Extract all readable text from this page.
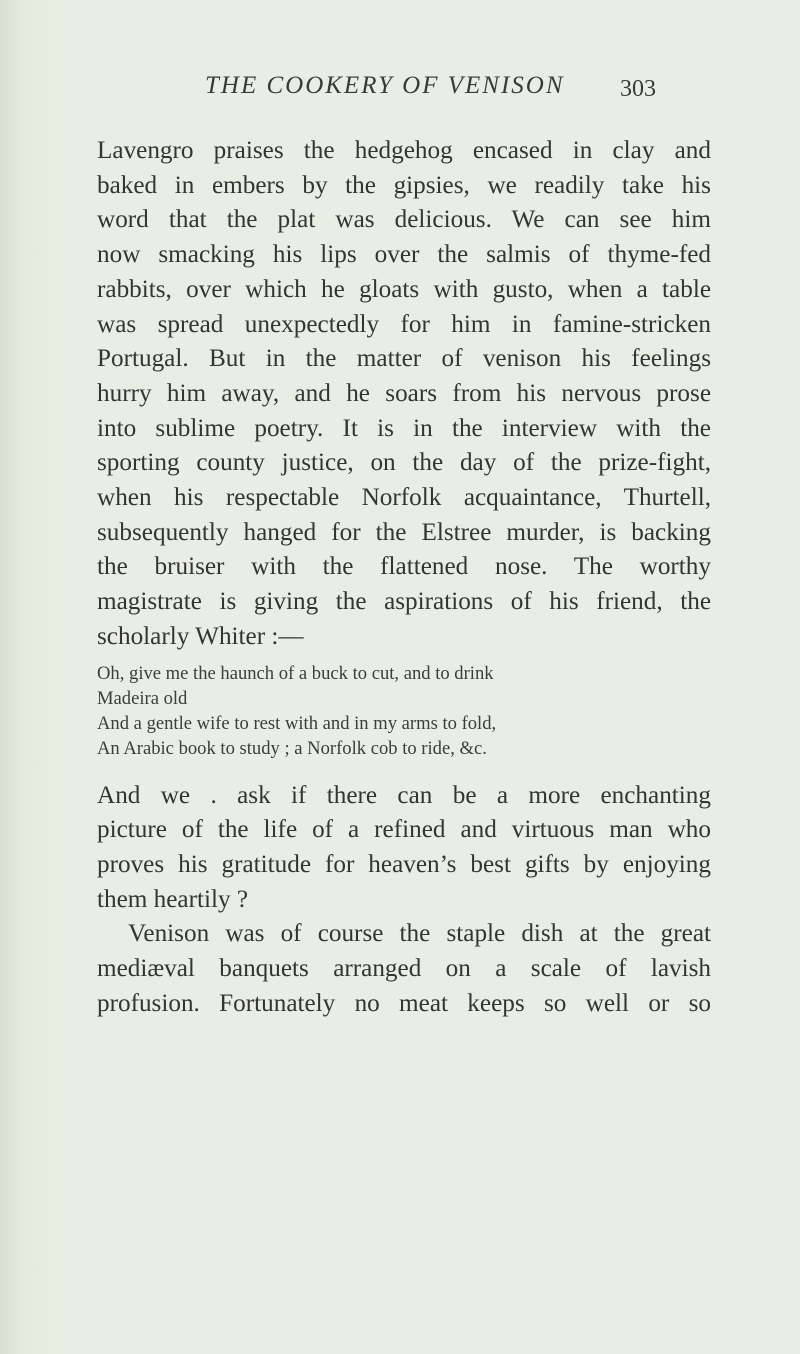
THE COOKERY OF VENISON 303

Lavengro praises the hedgehog encased in clay and
baked in embers by the gipsies, we readily take his
word that the plat was delicious. We can see him
now smacking his lips over the salmis of thyme-fed
rabbits, over which he gloats with gusto, when a table
was spread unexpectedly for him in famine-stricken
Portugal. But in the matter of venison his feelings
hurry him away, and he soars from his nervous prose
into sublime poetry. It is in the interview with the
sporting county justice, on the day of the prize-fight,
when his respectable Norfolk acquaintance, Thurtell,
subsequently hanged for the Elstree murder, is backing
the bruiser with the flattened nose. The worthy
magistrate is giving the aspirations of his friend, the
scholarly Whiter :—

Oh, give me the haunch of a buck to cut, and to drink
Madeira old
And a gentle wife to rest with and in my arms to fold,
An Arabic book to study ; a Norfolk cob to ride, &c.

And we . ask if there can be a more enchanting
picture of the life of a refined and virtuous man who
proves his gratitude for heaven’s best gifts by enjoying
them heartily ?

Venison was of course the staple dish at the great
mediæval banquets arranged on a scale of lavish
profusion. Fortunately no meat keeps so well or so
